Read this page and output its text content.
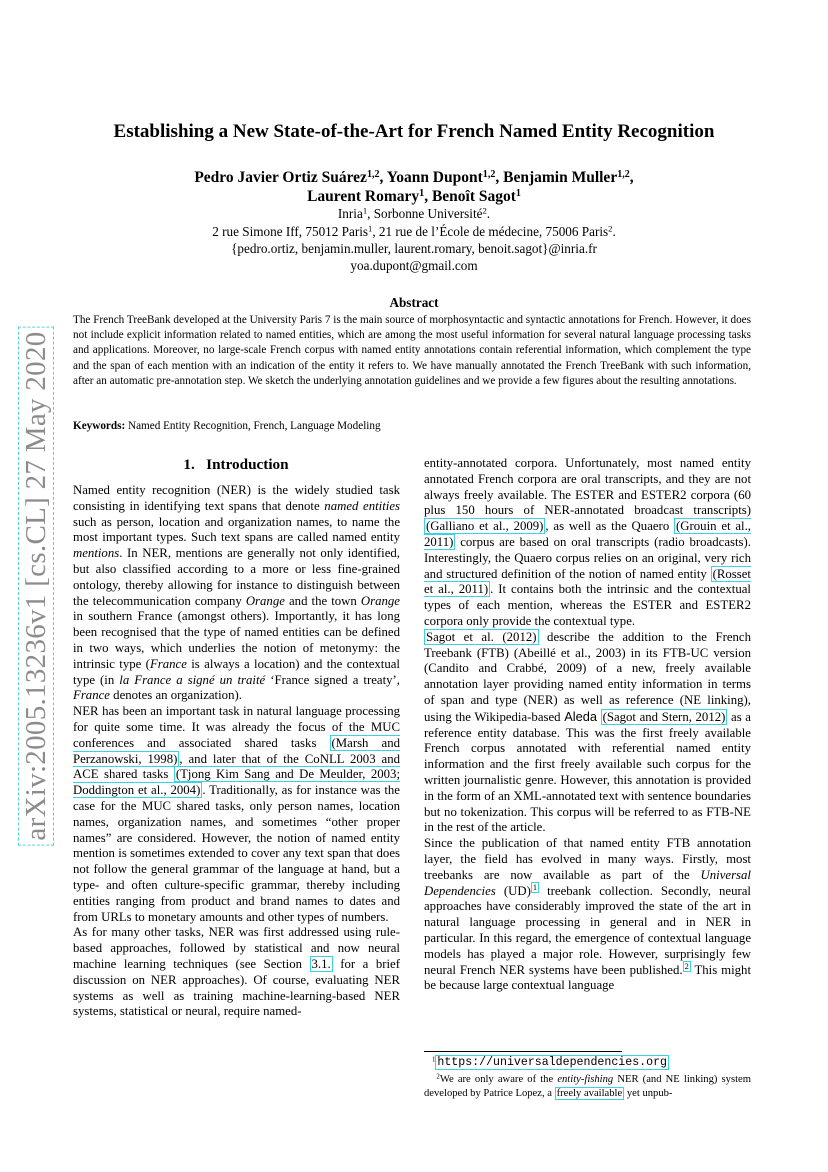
arXiv:2005.13236v1 [cs.CL] 27 May 2020
Establishing a New State-of-the-Art for French Named Entity Recognition
Pedro Javier Ortiz Suárez$^{1,2}$, Yoann Dupont$^{1,2}$, Benjamin Muller$^{1,2}$,
Laurent Romary$^1$, Benoît Sagot$^1$
Inria$^1$, Sorbonne Université$^2$.
2 rue Simone Iff, 75012 Paris$^1$, 21 rue de l’École de médecine, 75006 Paris$^2$.
{pedro.ortiz, benjamin.muller, laurent.romary, benoit.sagot}@inria.fr
yoa.dupont@gmail.com
Abstract
The French TreeBank developed at the University Paris 7 is the main source of morphosyntactic and syntactic annotations for French. However, it does not include explicit information related to named entities, which are among the most useful information for several natural language processing tasks and applications. Moreover, no large-scale French corpus with named entity annotations contain referential information, which complement the type and the span of each mention with an indication of the entity it refers to. We have manually annotated the French TreeBank with such information, after an automatic pre-annotation step. We sketch the underlying annotation guidelines and we provide a few figures about the resulting annotations.
Keywords: Named Entity Recognition, French, Language Modeling
1. Introduction

Named entity recognition (NER) is the widely studied task consisting in identifying text spans that denote named entities such as person, location and organization names, to name the most important types. Such text spans are called named entity mentions. In NER, mentions are generally not only identified, but also classified according to a more or less fine-grained ontology, thereby allowing for instance to distinguish between the telecommunication company Orange and the town Orange in southern France (amongst others). Importantly, it has long been recognised that the type of named entities can be defined in two ways, which underlies the notion of metonymy: the intrinsic type (France is always a location) and the contextual type (in la France a signé un traité ‘France signed a treaty’, France denotes an organization).

NER has been an important task in natural language processing for quite some time. It was already the focus of the MUC conferences and associated shared tasks (Marsh and Perzanowski, 1998) , and later that of the CoNLL 2003 and ACE shared tasks (Tjong Kim Sang and De Meulder, 2003; Doddington et al., 2004) . Traditionally, as for instance was the case for the MUC shared tasks, only person names, location names, organization names, and sometimes “other proper names” are considered. However, the notion of named entity mention is sometimes extended to cover any text span that does not follow the general grammar of the language at hand, but a type- and often culture-specific grammar, thereby including entities ranging from product and brand names to dates and from URLs to monetary amounts and other types of numbers.

As for many other tasks, NER was first addressed using rule-based approaches, followed by statistical and now neural machine learning techniques (see Section 3.1. for a brief discussion on NER approaches). Of course, evaluating NER systems as well as training machine-learning-based NER systems, statistical or neural, require named-

entity-annotated corpora. Unfortunately, most named entity annotated French corpora are oral transcripts, and they are not always freely available. The ESTER and ESTER2 corpora (60 plus 150 hours of NER-annotated broadcast transcripts) (Galliano et al., 2009) , as well as the Quaero (Grouin et al., 2011) corpus are based on oral transcripts (radio broadcasts). Interestingly, the Quaero corpus relies on an original, very rich and structured definition of the notion of named entity (Rosset et al., 2011) . It contains both the intrinsic and the contextual types of each mention, whereas the ESTER and ESTER2 corpora only provide the contextual type.

Sagot et al. (2012) describe the addition to the French Treebank (FTB) (Abeillé et al., 2003) in its FTB-UC version (Candito and Crabbé, 2009) of a new, freely available annotation layer providing named entity information in terms of span and type (NER) as well as reference (NE linking), using the Wikipedia-based Aleda (Sagot and Stern, 2012) as a reference entity database. This was the first freely available French corpus annotated with referential named entity information and the first freely available such corpus for the written journalistic genre. However, this annotation is provided in the form of an XML-annotated text with sentence boundaries but no tokenization. This corpus will be referred to as FTB-NE in the rest of the article.

Since the publication of that named entity FTB annotation layer, the field has evolved in many ways. Firstly, most treebanks are now available as part of the Universal Dependencies (UD) $^1$ treebank collection. Secondly, neural approaches have considerably improved the state of the art in natural language processing in general and in NER in particular. In this regard, the emergence of contextual language models has played a major role. However, surprisingly few neural French NER systems have been published. $^2$ This might be because large contextual language

$^1$ https://universaldependencies.org
$^2$We are only aware of the entity-fishing NER (and NE linking) system developed by Patrice Lopez, a freely available yet unpub-
